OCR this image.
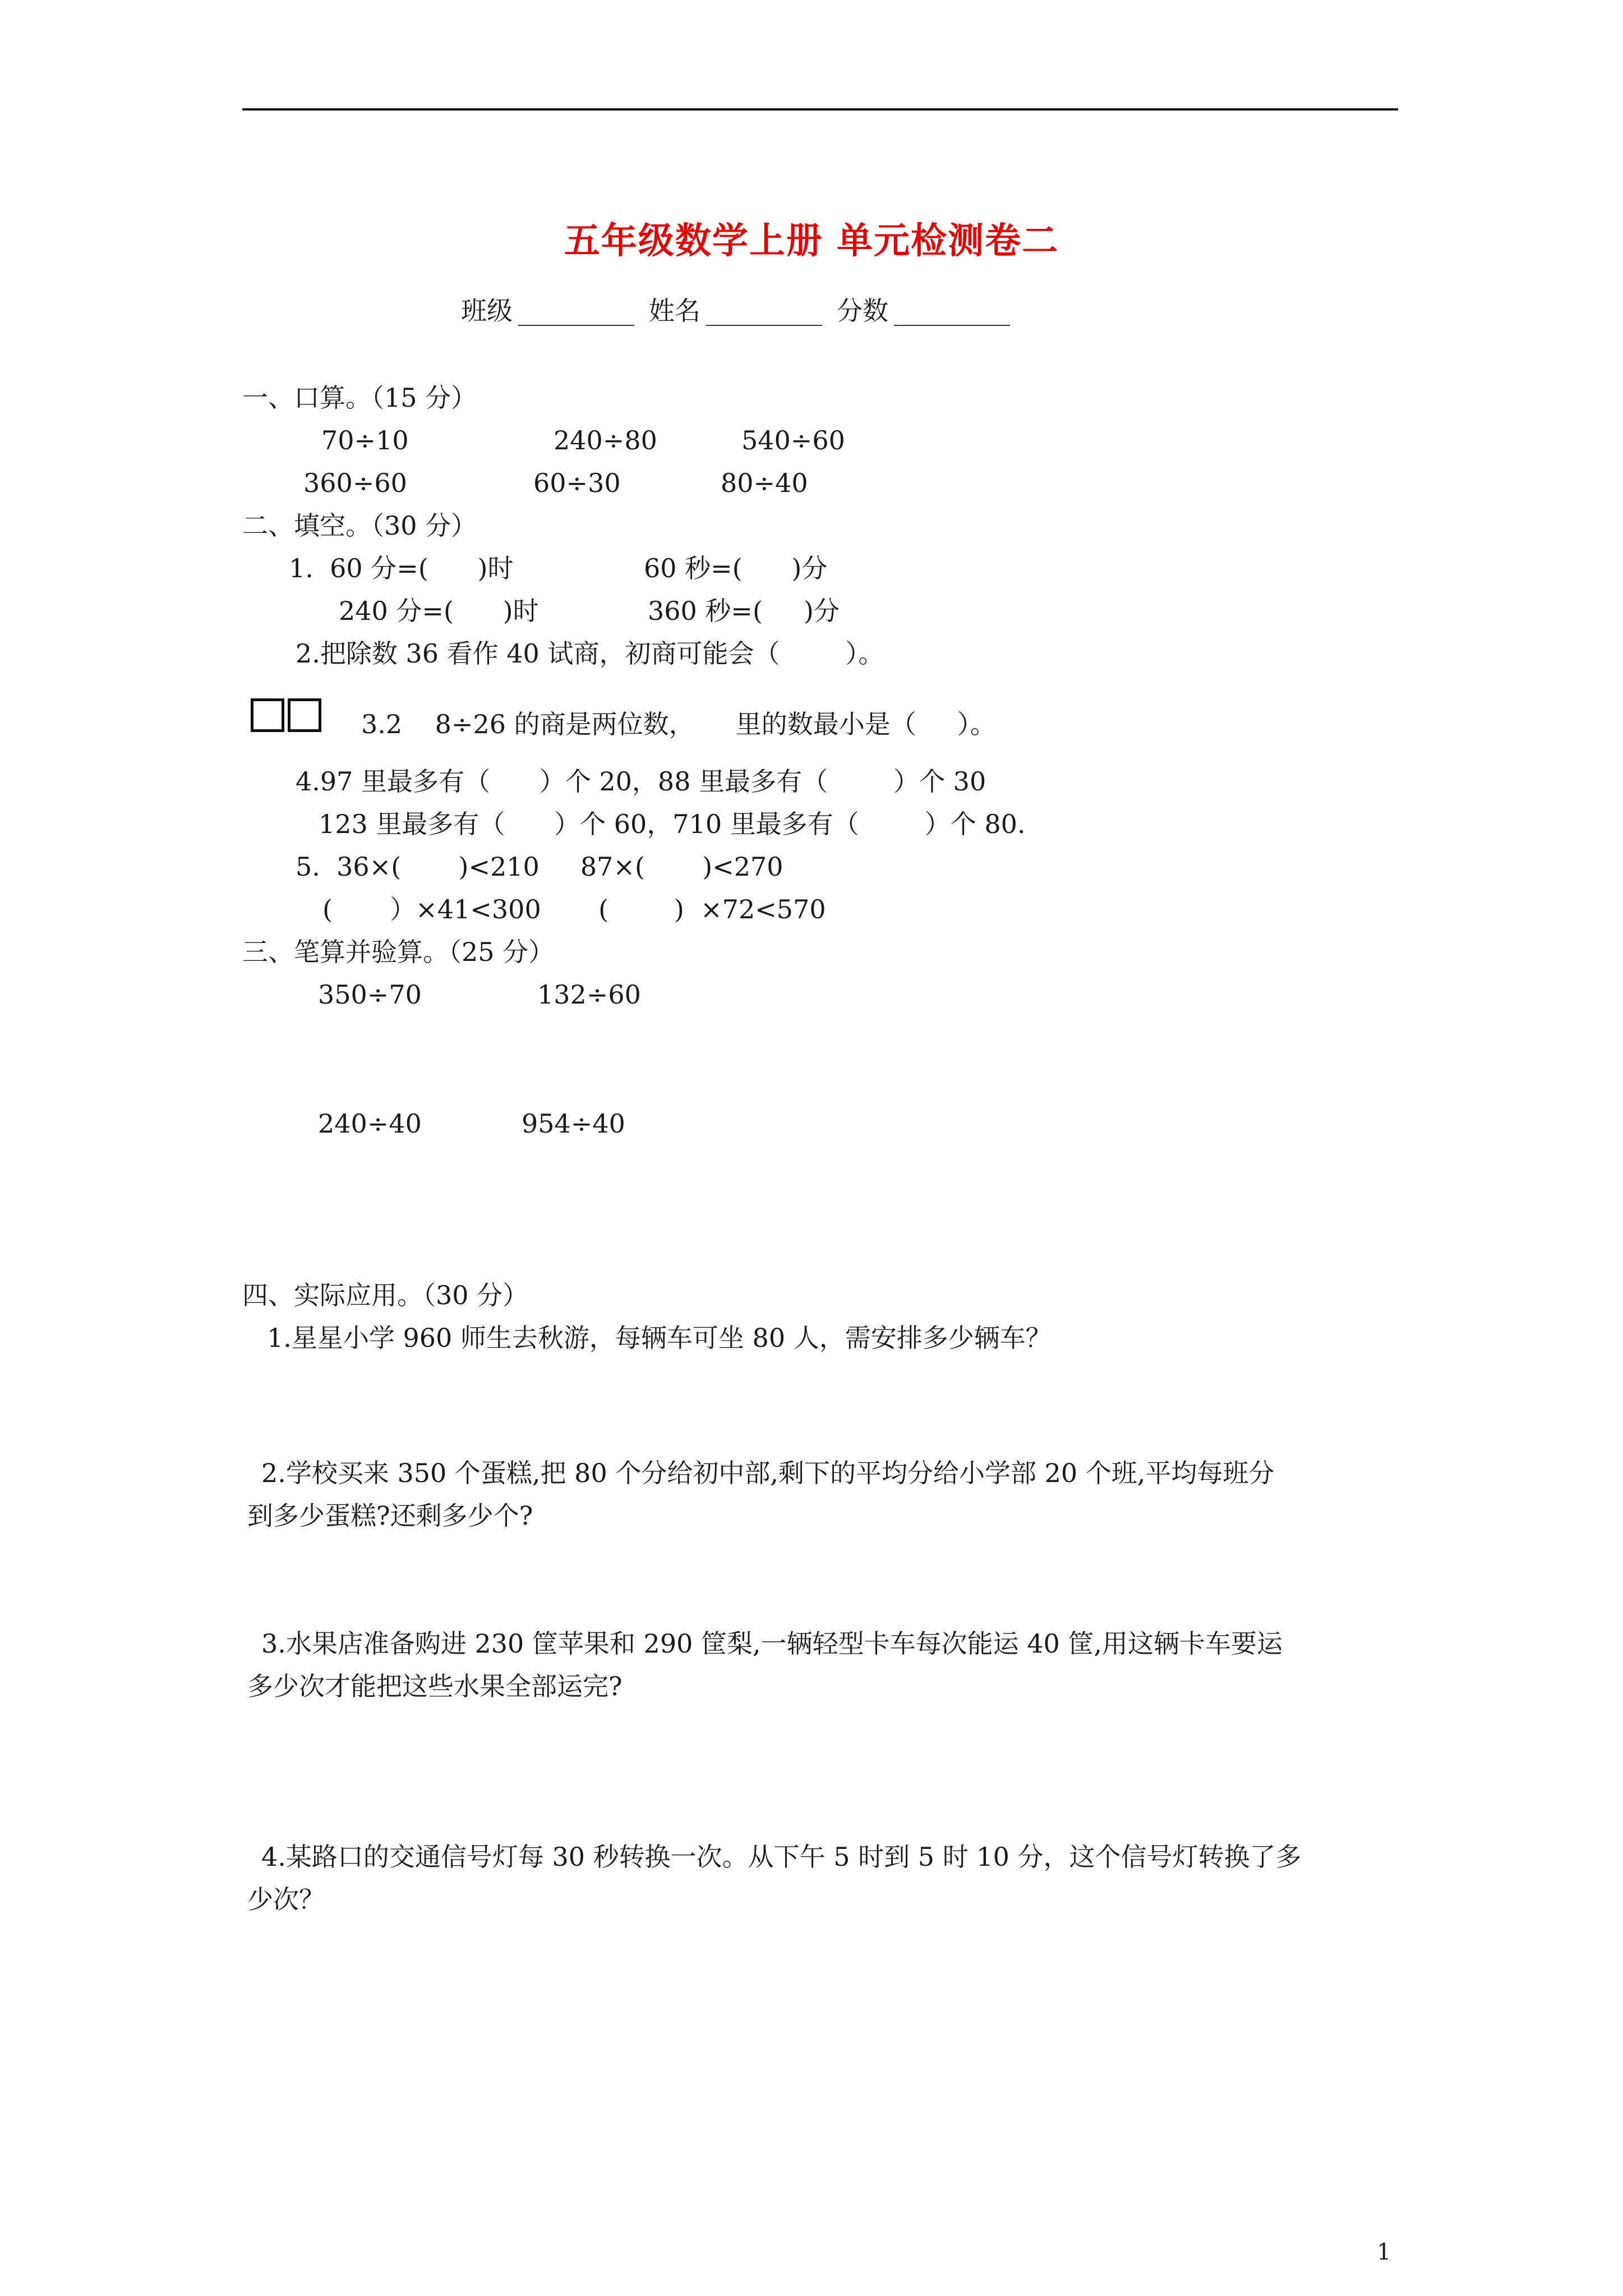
五年级数学上册 单元检测卷二
班级 _________ 姓名 _________ 分数 _________
一、口算。（15 分）
70÷10	240÷80	540÷60
360÷60	60÷30	80÷40
二、填空。（30 分）
1.  60 分=(      )时	60 秒=(      )分
240 分=(      )时	360 秒=(     )分
2.把除数 36 看作 40 试商，初商可能会（        ）。
3.2    8÷26 的商是两位数，     里的数最小是（     ）。
4.97 里最多有（      ）个 20，88 里最多有（        ）个 30
123 里最多有（      ）个 60，710 里最多有（        ）个 80.
5.  36×(       )<210     87×(       )<270
(       ）×41<300       (        )  ×72<570
三、笔算并验算。（25 分）
350÷70	132÷60
240÷40	954÷40
四、实际应用。（30 分）
1.星星小学 960 师生去秋游，每辆车可坐 80 人，需安排多少辆车？
2.学校买来 350 个蛋糕,把 80 个分给初中部,剩下的平均分给小学部 20 个班,平均每班分
到多少蛋糕?还剩多少个?
3.水果店准备购进 230 筐苹果和 290 筐梨,一辆轻型卡车每次能运 40 筐,用这辆卡车要运
多少次才能把这些水果全部运完?
4.某路口的交通信号灯每 30 秒转换一次。从下午 5 时到 5 时 10 分，这个信号灯转换了多
少次？
1
